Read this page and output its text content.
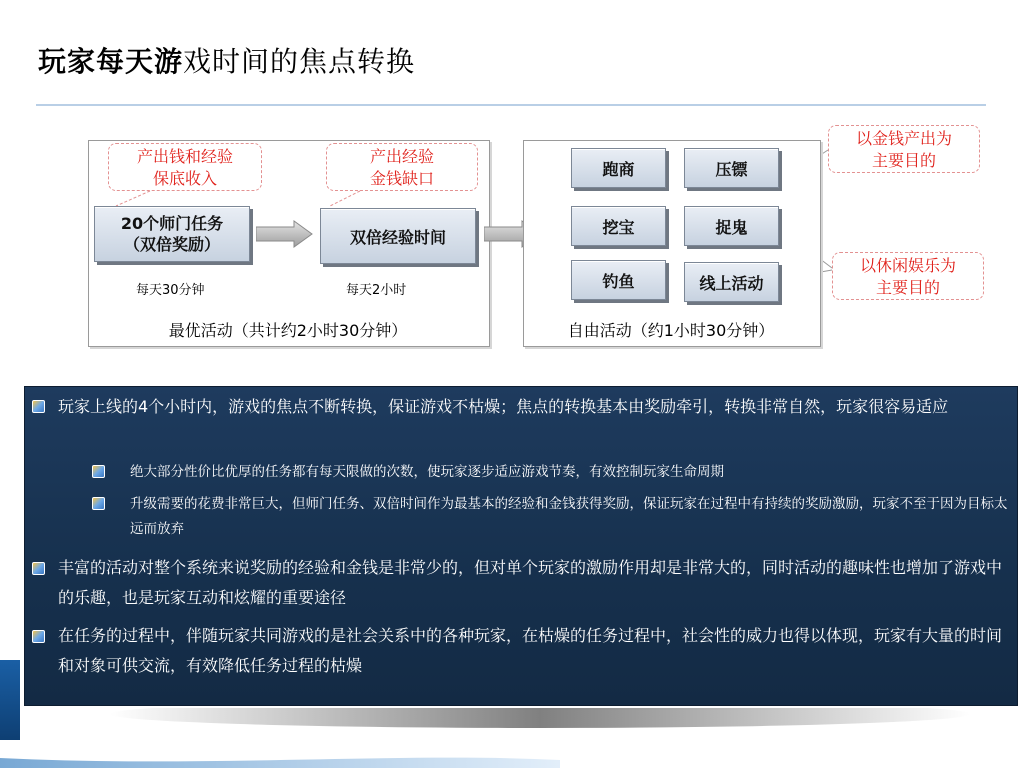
玩家每天游戏时间的焦点转换
产出钱和经验
保底收入
产出经验
金钱缺口
20个师门任务
（双倍奖励）	双倍经验时间
每天30分钟	每天2小时
最优活动（共计约2小时30分钟）
跑商	压镖
挖宝	捉鬼
钓鱼	线上活动
自由活动（约1小时30分钟）
以金钱产出为
主要目的
以休闲娱乐为
主要目的
玩家上线的4个小时内，游戏的焦点不断转换，保证游戏不枯燥；焦点的转换基本由奖励牵引，转换非常自然，玩家很容易适应
绝大部分性价比优厚的任务都有每天限做的次数，使玩家逐步适应游戏节奏，有效控制玩家生命周期
升级需要的花费非常巨大，但师门任务、双倍时间作为最基本的经验和金钱获得奖励，保证玩家在过程中有持续的奖励激励，玩家不至于因为目标太远而放弃
丰富的活动对整个系统来说奖励的经验和金钱是非常少的，但对单个玩家的激励作用却是非常大的，同时活动的趣味性也增加了游戏中的乐趣，也是玩家互动和炫耀的重要途径
在任务的过程中，伴随玩家共同游戏的是社会关系中的各种玩家，在枯燥的任务过程中，社会性的威力也得以体现，玩家有大量的时间和对象可供交流，有效降低任务过程的枯燥
